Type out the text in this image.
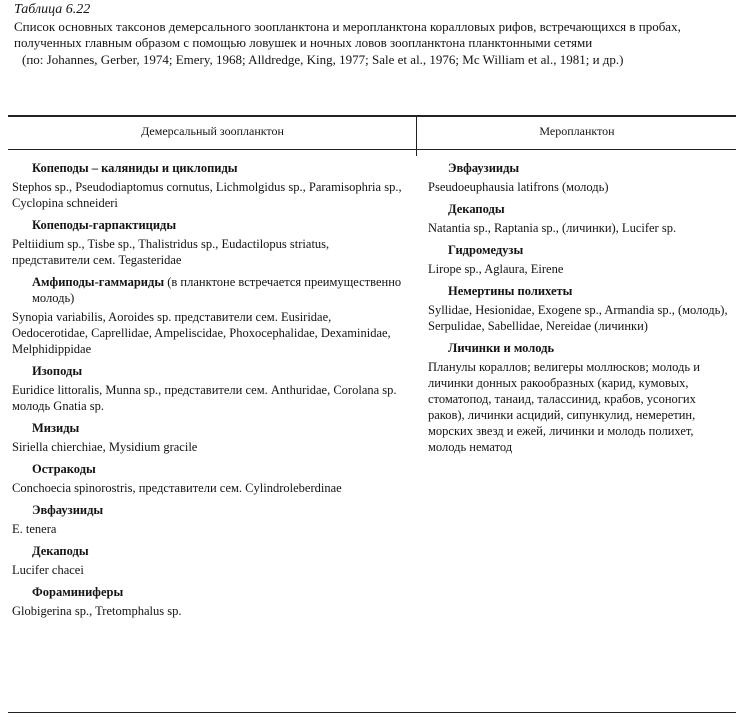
Таблица 6.22
Список основных таксонов демерсального зоопланктона и меропланктона коралловых рифов, встречающихся в пробах, полученных главным образом с помощью ловушек и ночных ловов зоопланктона планктонными сетями
(по: Johannes, Gerber, 1974; Emery, 1968; Alldredge, King, 1977; Sale et al., 1976; Mc William et al., 1981; и др.)
Демерсальный зоопланктон	Меропланктон
Копеподы – каляниды и циклопиды
Stephos sp., Pseudodiaptomus cornutus, Lichmolgidus sp., Paramisophria sp., Cyclopina schneideri
Копеподы-гарпактициды
Peltiidium sp., Tisbe sp., Thalistridus sp., Eudactilopus striatus, представители сем. Tegasteridae
Амфиподы-гаммариды (в планктоне встречается преимущественно молодь)
Synopia variabilis, Aoroides sp. представители сем. Eusiridae, Oedocerotidae, Caprellidae, Ampeliscidae, Phoxocephalidae, Dexaminidae, Melphidippidae
Изоподы
Euridice littoralis, Munna sp., представители сем. Anthuridae, Corolana sp. молодь Gnatia sp.
Мизиды
Siriella chierchiae, Mysidium gracile
Остракоды
Conchoecia spinorostris, представители сем. Cylindroleberdinae
Эвфаузииды
E. tenera
Декаподы
Lucifer chacei
Фораминиферы
Globigerina sp., Tretomphalus sp.
Эвфаузииды
Pseudoeuphausia latifrons (молодь)
Декаподы
Natantia sp., Raptania sp., (личинки), Lucifer sp.
Гидромедузы
Lirope sp., Aglaura, Eirene
Немертины полихеты
Syllidae, Hesionidae, Exogene sp., Armandia sp., (молодь), Serpulidae, Sabellidae, Nereidae (личинки)
Личинки и молодь
Планулы кораллов; велигеры моллюсков; молодь и личинки донных ракообразных (карид, кумовых, стоматопод, танаид, талассинид, крабов, усоногих раков), личинки асцидий, сипункулид, немеретин, морских звезд и ежей, личинки и молодь полихет, молодь нематод
